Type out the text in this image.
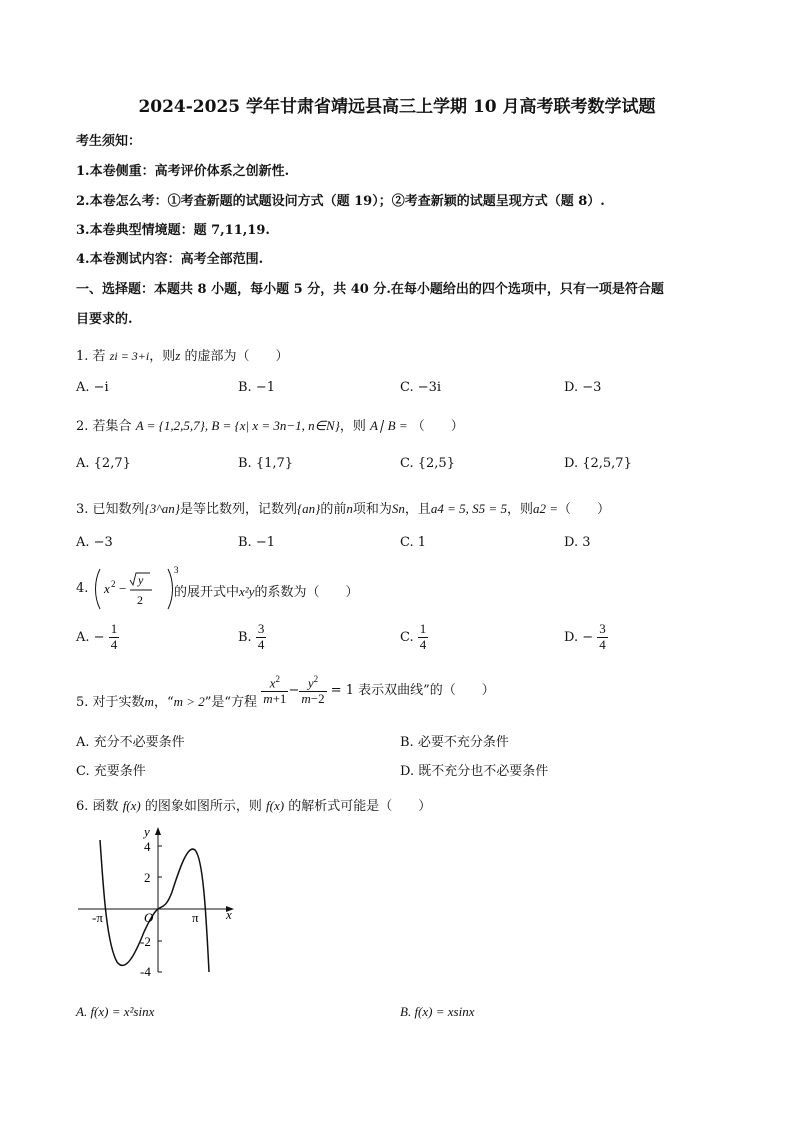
2024-2025 学年甘肃省靖远县高三上学期 10 月高考联考数学试题
考生须知：
1.本卷侧重：高考评价体系之创新性.
2.本卷怎么考：①考查新题的试题设问方式（题 19）；②考查新颖的试题呈现方式（题 8）.
3.本卷典型情境题：题 7,11,19.
4.本卷测试内容：高考全部范围.
一、选择题：本题共 8 小题，每小题 5 分，共 40 分.在每小题给出的四个选项中，只有一项是符合题
目要求的.
1. 若 zi = 3+i，则z 的虚部为（　　）
A. −i	B. −1	C. −3i	D. −3
2. 若集合 A = {1,2,5,7}, B = {x| x = 3n−1, n∈N}，则 A∣ B = （　　）
A. {2,7}	B. {1,7}	C. {2,5}	D. {2,5,7}
3. 已知数列{3^an}是等比数列，记数列{an}的前n项和为Sn，且a4 = 5, S5 = 5，则a2 =（　　）
A. −3	B. −1	C. 1	D. 3
4. x 2 −
y
2
3
的展开式中x²y的系数为（　　）
A. − $\frac{1}{4}$	B. $\frac{3}{4}$	C. $\frac{1}{4}$	D. − $\frac{3}{4}$
5. 对于实数m，“m > 2”是“方程 $\frac{x^2}{m+1} - \frac{y^2}{m-2} = 1$ 表示双曲线”的（　　）
A. 充分不必要条件	B. 必要不充分条件
C. 充要条件	D. 既不充分也不必要条件
6. 函数 f(x) 的图象如图所示，则 f(x) 的解析式可能是（　　）
y
x
4
2
-2
-4
-π	π
O
A. f(x) = x²sinx	B. f(x) = xsinx
